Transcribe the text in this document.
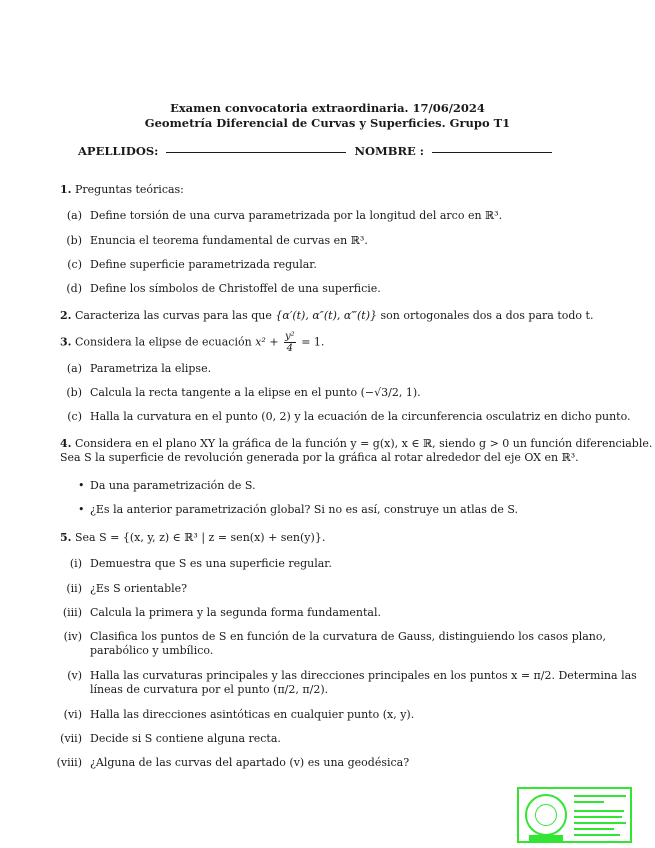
Examen convocatoria extraordinaria. 17/06/2024
Geometría Diferencial de Curvas y Superficies. Grupo T1
APELLIDOS:	NOMBRE :
1. Preguntas teóricas:
(a) Define torsión de una curva parametrizada por la longitud del arco en ℝ³.
(b) Enuncia el teorema fundamental de curvas en ℝ³.
(c) Define superficie parametrizada regular.
(d) Define los símbolos de Christoffel de una superficie.
2. Caracteriza las curvas para las que {α′(t), α″(t), α‴(t)} son ortogonales dos a dos para todo t.
3. Considera la elipse de ecuación $x^2 + \frac{\text{y²}}{4} = 1$.
(a) Parametriza la elipse.
(b) Calcula la recta tangente a la elipse en el punto (−√3/2, 1).
(c) Halla la curvatura en el punto (0, 2) y la ecuación de la circunferencia osculatriz en dicho punto.
4. Considera en el plano XY la gráfica de la función y = g(x), x ∈ ℝ, siendo g > 0 un función diferenciable.
Sea S la superficie de revolución generada por la gráfica al rotar alrededor del eje OX en ℝ³.
• Da una parametrización de S.
• ¿Es la anterior parametrización global? Si no es así, construye un atlas de S.
5. Sea S = {(x, y, z) ∈ ℝ³ | z = sen(x) + sen(y)}.
(i) Demuestra que S es una superficie regular.
(ii) ¿Es S orientable?
(iii) Calcula la primera y la segunda forma fundamental.
(iv) Clasifica los puntos de S en función de la curvatura de Gauss, distinguiendo los casos plano,
parabólico y umbílico.
(v) Halla las curvaturas principales y las direcciones principales en los puntos x = π/2. Determina las
líneas de curvatura por el punto (π/2, π/2).
(vi) Halla las direcciones asintóticas en cualquier punto (x, y).
(vii) Decide si S contiene alguna recta.
(viii) ¿Alguna de las curvas del apartado (v) es una geodésica?
